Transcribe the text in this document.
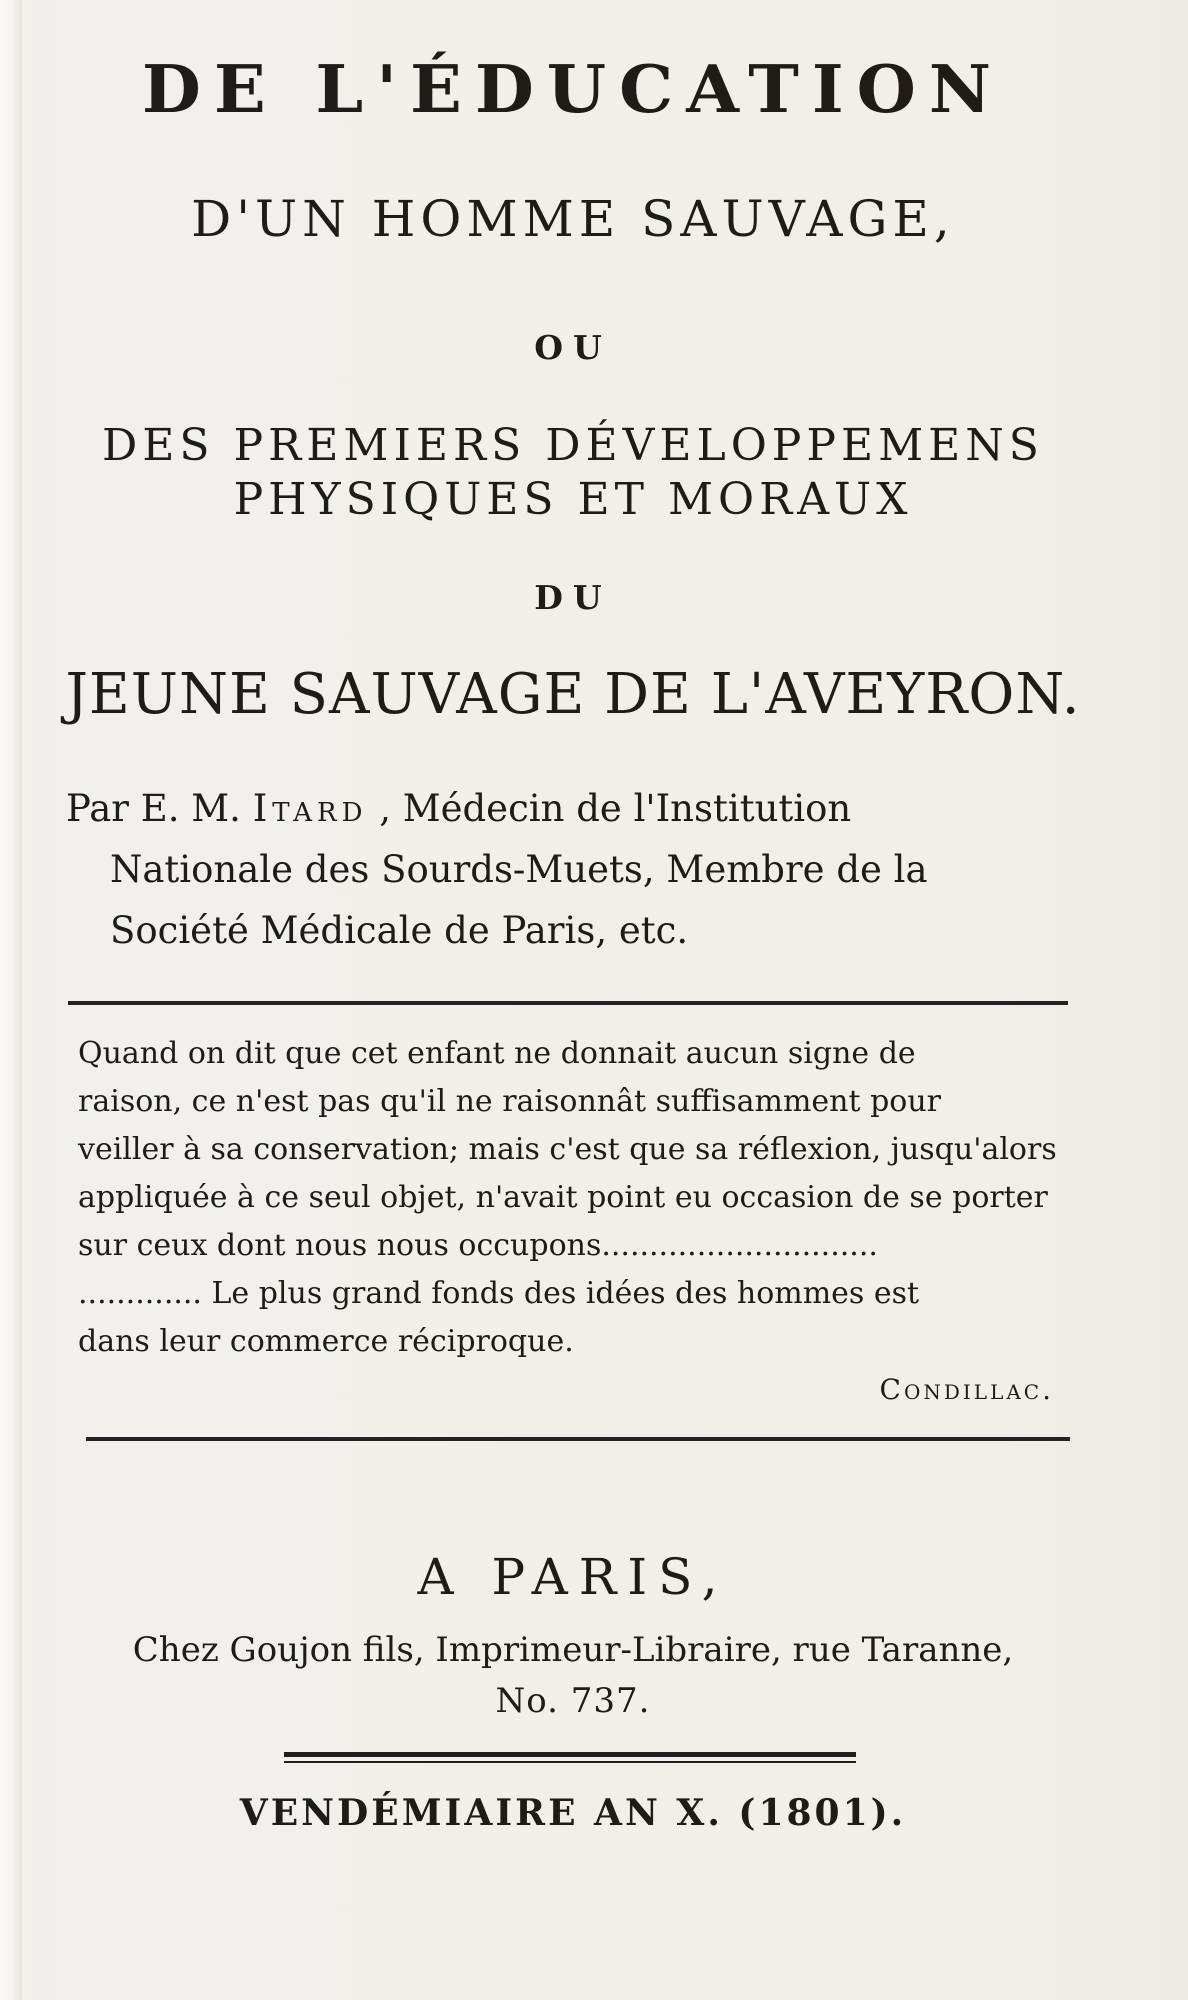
DE L'ÉDUCATION
D'UN HOMME SAUVAGE,
OU
DES PREMIERS DÉVELOPPEMENS
PHYSIQUES ET MORAUX
DU
JEUNE SAUVAGE DE L'AVEYRON.
Par E. M. Itard , Médecin de l'Institution
Nationale des Sourds-Muets, Membre de la
Société Médicale de Paris, etc.

Quand on dit que cet enfant ne donnait aucun signe de

raison, ce n'est pas qu'il ne raisonnât suffisamment pour

veiller à sa conservation; mais c'est que sa réflexion, jusqu'alors

appliquée à ce seul objet, n'avait point eu occasion de se porter

sur ceux dont nous nous occupons.............................

............. Le plus grand fonds des idées des hommes est

dans leur commerce réciproque.

Condillac.
A PARIS,
Chez Goujon fils, Imprimeur-Libraire, rue Taranne,
No. 737.
VENDÉMIAIRE AN X. (1801).
